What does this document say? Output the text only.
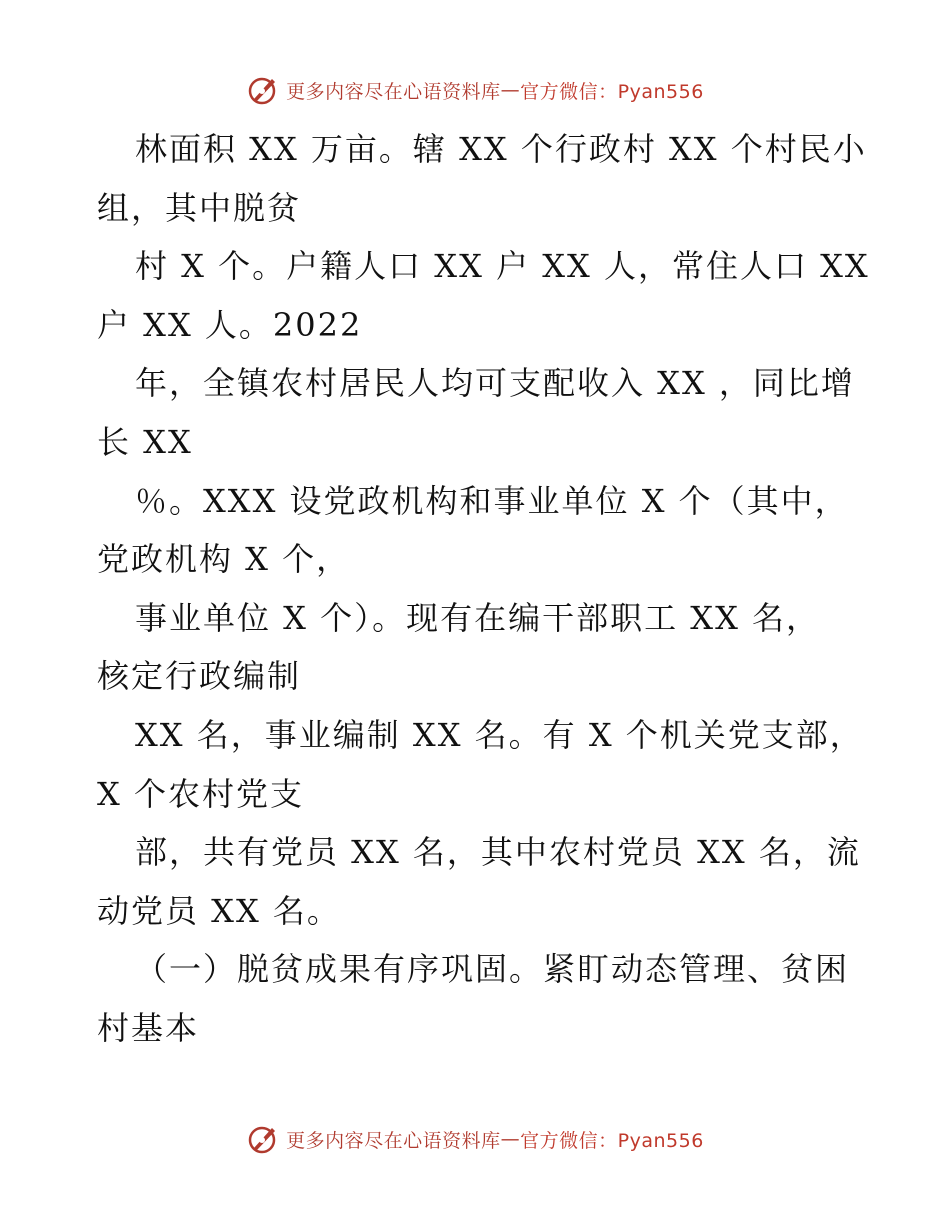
更多内容尽在心语资料库 — 官方微信：Pyan556
林面积 XX 万亩。辖 XX 个行政村 XX 个村民小
组，其中脱贫
村 X 个。户籍人口 XX 户 XX 人，常住人口 XX
户 XX 人。2022
年，全镇农村居民人均可支配收入 XX ，同比增
长 XX
％。XXX 设党政机构和事业单位 X 个（其中，
党政机构 X 个，
事业单位 X 个）。现有在编干部职工 XX 名，
核定行政编制
XX 名，事业编制 XX 名。有 X 个机关党支部，
X 个农村党支
部，共有党员 XX 名，其中农村党员 XX 名，流
动党员 XX 名。
（一）脱贫成果有序巩固。紧盯动态管理、贫困
村基本
更多内容尽在心语资料库 — 官方微信：Pyan556
